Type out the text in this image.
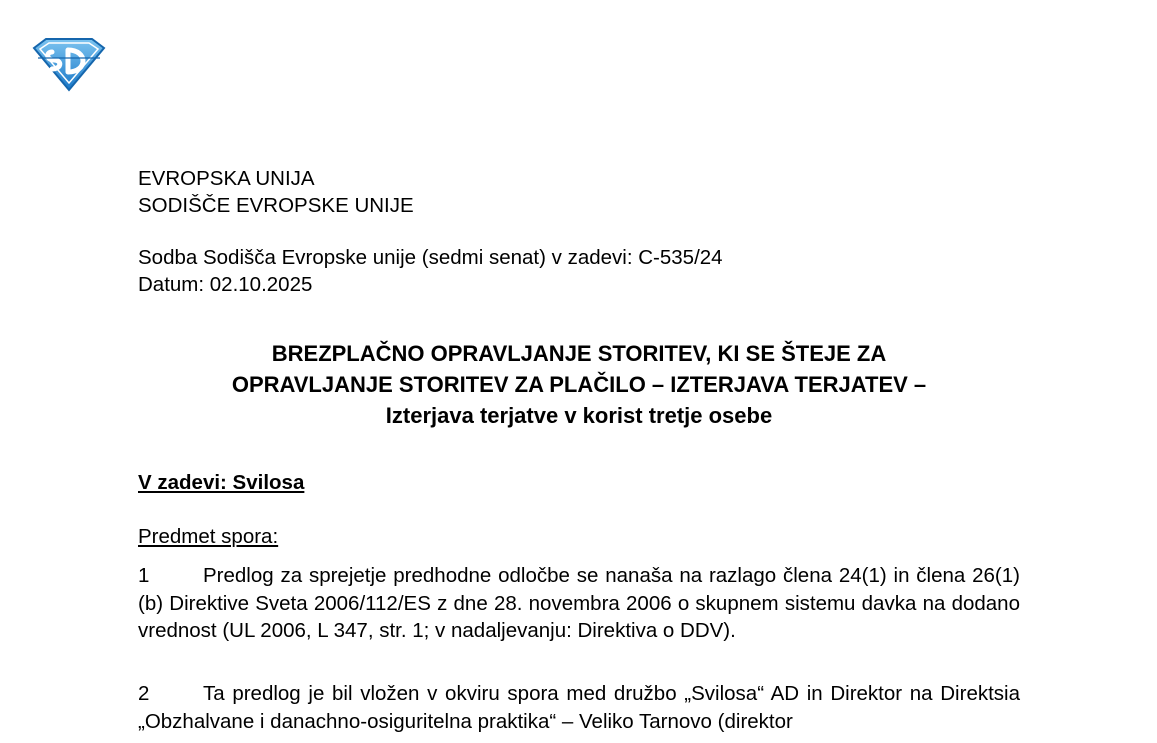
EVROPSKA UNIJA
SODIŠČE EVROPSKE UNIJE
Sodba Sodišča Evropske unije (sedmi senat) v zadevi: C-535/24
Datum: 02.10.2025
BREZPLAČNO OPRAVLJANJE STORITEV, KI SE ŠTEJE ZA
OPRAVLJANJE STORITEV ZA PLAČILO – IZTERJAVA TERJATEV –
Izterjava terjatve v korist tretje osebe
V zadevi: Svilosa
Predmet spora:
1	Predlog za sprejetje predhodne odločbe se nanaša na razlago člena 24(1) in člena 26(1)(b) Direktive Sveta 2006/112/ES z dne 28. novembra 2006 o skupnem sistemu davka na dodano vrednost (UL 2006, L 347, str. 1; v nadaljevanju: Direktiva o DDV).
2	Ta predlog je bil vložen v okviru spora med družbo „Svilosa“ AD in Direktor na Direktsia „Obzhalvane i danachno-osiguritelna praktika“ – Veliko Tarnovo (direktor
